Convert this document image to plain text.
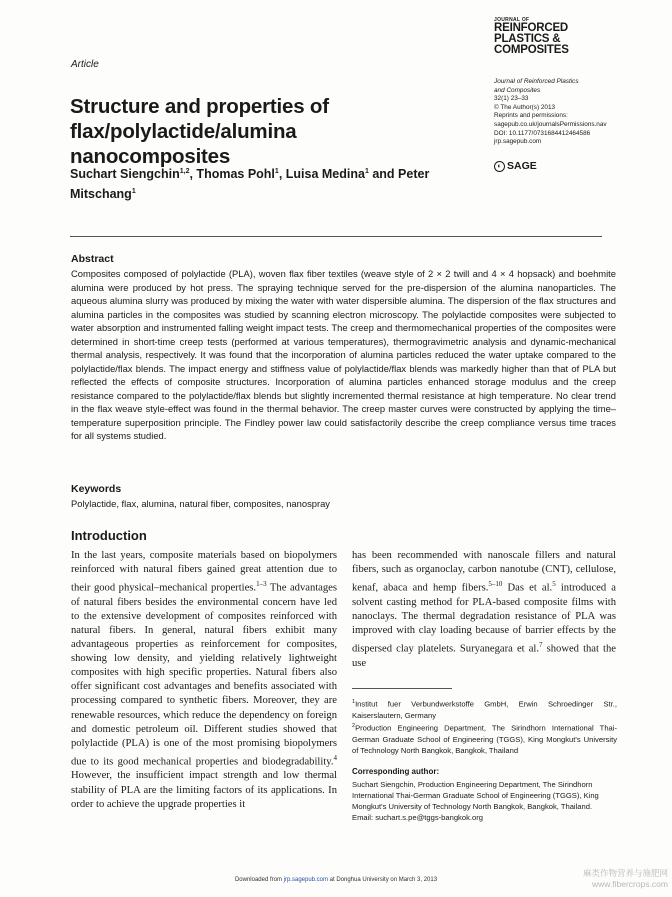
Article
JOURNAL OF
REINFORCED
PLASTICS &
COMPOSITES
Journal of Reinforced Plastics
and Composites
32(1) 23–33
© The Author(s) 2013
Reprints and permissions:
sagepub.co.uk/journalsPermissions.nav
DOI: 10.1177/0731684412464586
jrp.sagepub.com
◐ SAGE
Structure and properties of flax/polylactide/alumina nanocomposites
Suchart Siengchin$^{1,2}$, Thomas Pohl$^1$, Luisa Medina$^1$ and Peter Mitschang$^1$
Abstract
Composites composed of polylactide (PLA), woven flax fiber textiles (weave style of 2 × 2 twill and 4 × 4 hopsack) and boehmite alumina were produced by hot press. The spraying technique served for the pre-dispersion of the alumina nanoparticles. The aqueous alumina slurry was produced by mixing the water with water dispersible alumina. The dispersion of the flax structures and alumina particles in the composites was studied by scanning electron microscopy. The polylactide composites were subjected to water absorption and instrumented falling weight impact tests. The creep and thermomechanical properties of the composites were determined in short-time creep tests (performed at various temperatures), thermogravimetric analysis and dynamic-mechanical thermal analysis, respectively. It was found that the incorporation of alumina particles reduced the water uptake compared to the polylactide/flax blends. The impact energy and stiffness value of polylactide/flax blends was markedly higher than that of PLA but reflected the effects of composite structures. Incorporation of alumina particles enhanced storage modulus and the creep resistance compared to the polylactide/flax blends but slightly incremented thermal resistance at high temperature. No clear trend in the flax weave style-effect was found in the thermal behavior. The creep master curves were constructed by applying the time–temperature superposition principle. The Findley power law could satisfactorily describe the creep compliance versus time traces for all systems studied.
Keywords
Polylactide, flax, alumina, natural fiber, composites, nanospray
Introduction
In the last years, composite materials based on biopolymers reinforced with natural fibers gained great attention due to their good physical–mechanical properties.$^{1-3}$ The advantages of natural fibers besides the environmental concern have led to the extensive development of composites reinforced with natural fibers. In general, natural fibers exhibit many advantageous properties as reinforcement for composites, showing low density, and yielding relatively lightweight composites with high specific properties. Natural fibers also offer significant cost advantages and benefits associated with processing compared to synthetic fibers. Moreover, they are renewable resources, which reduce the dependency on foreign and domestic petroleum oil. Different studies showed that polylactide (PLA) is one of the most promising biopolymers due to its good mechanical properties and biodegradability.$^4$ However, the insufficient impact strength and low thermal stability of PLA are the limiting factors of its applications. In order to achieve the upgrade properties it
has been recommended with nanoscale fillers and natural fibers, such as organoclay, carbon nanotube (CNT), cellulose, kenaf, abaca and hemp fibers.$^{5-10}$ Das et al.$^5$ introduced a solvent casting method for PLA-based composite films with nanoclays. The thermal degradation resistance of PLA was improved with clay loading because of barrier effects by the dispersed clay platelets. Suryanegara et al.$^7$ showed that the use
$^1$Institut fuer Verbundwerkstoffe GmbH, Erwin Schroedinger Str., Kaiserslautern, Germany
$^2$Production Engineering Department, The Sirindhorn International Thai-German Graduate School of Engineering (TGGS), King Mongkut's University of Technology North Bangkok, Bangkok, Thailand
Corresponding author:
Suchart Siengchin, Production Engineering Department, The Sirindhorn International Thai-German Graduate School of Engineering (TGGS), King Mongkut's University of Technology North Bangkok, Bangkok, Thailand.
Email: suchart.s.pe@tggs-bangkok.org
Downloaded from jrp.sagepub.com at Donghua University on March 3, 2013
麻类作物营养与施肥网
www.fibercrops.com
